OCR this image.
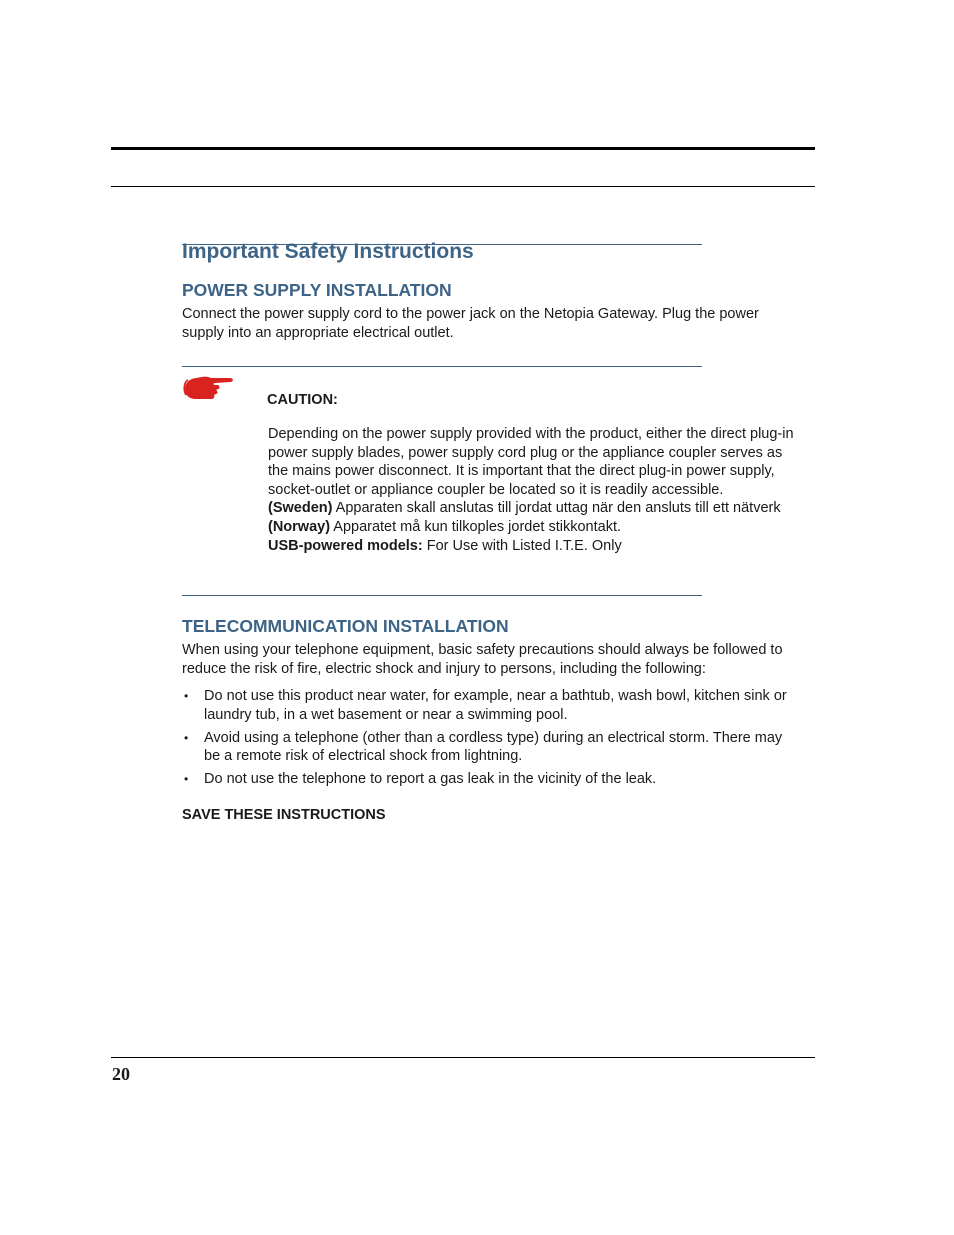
Important Safety Instructions
POWER SUPPLY INSTALLATION

Connect the power supply cord to the power jack on the Netopia Gateway. Plug the power supply into an appropriate electrical outlet.

CAUTION:

Depending on the power supply provided with the product, either the direct plug-in power supply blades, power supply cord plug or the appliance coupler serves as the mains power disconnect. It is important that the direct plug-in power supply, socket-outlet or appliance coupler be located so it is readily accessible.

(Sweden) Apparaten skall anslutas till jordat uttag när den ansluts till ett nätverk

(Norway) Apparatet må kun tilkoples jordet stikkontakt.

USB-powered models: For Use with Listed I.T.E. Only

TELECOMMUNICATION INSTALLATION

When using your telephone equipment, basic safety precautions should always be followed to reduce the risk of fire, electric shock and injury to persons, including the following:

• Do not use this product near water, for example, near a bathtub, wash bowl, kitchen sink or laundry tub, in a wet basement or near a swimming pool.
• Avoid using a telephone (other than a cordless type) during an electrical storm. There may be a remote risk of electrical shock from lightning.
• Do not use the telephone to report a gas leak in the vicinity of the leak.

SAVE THESE INSTRUCTIONS

20
